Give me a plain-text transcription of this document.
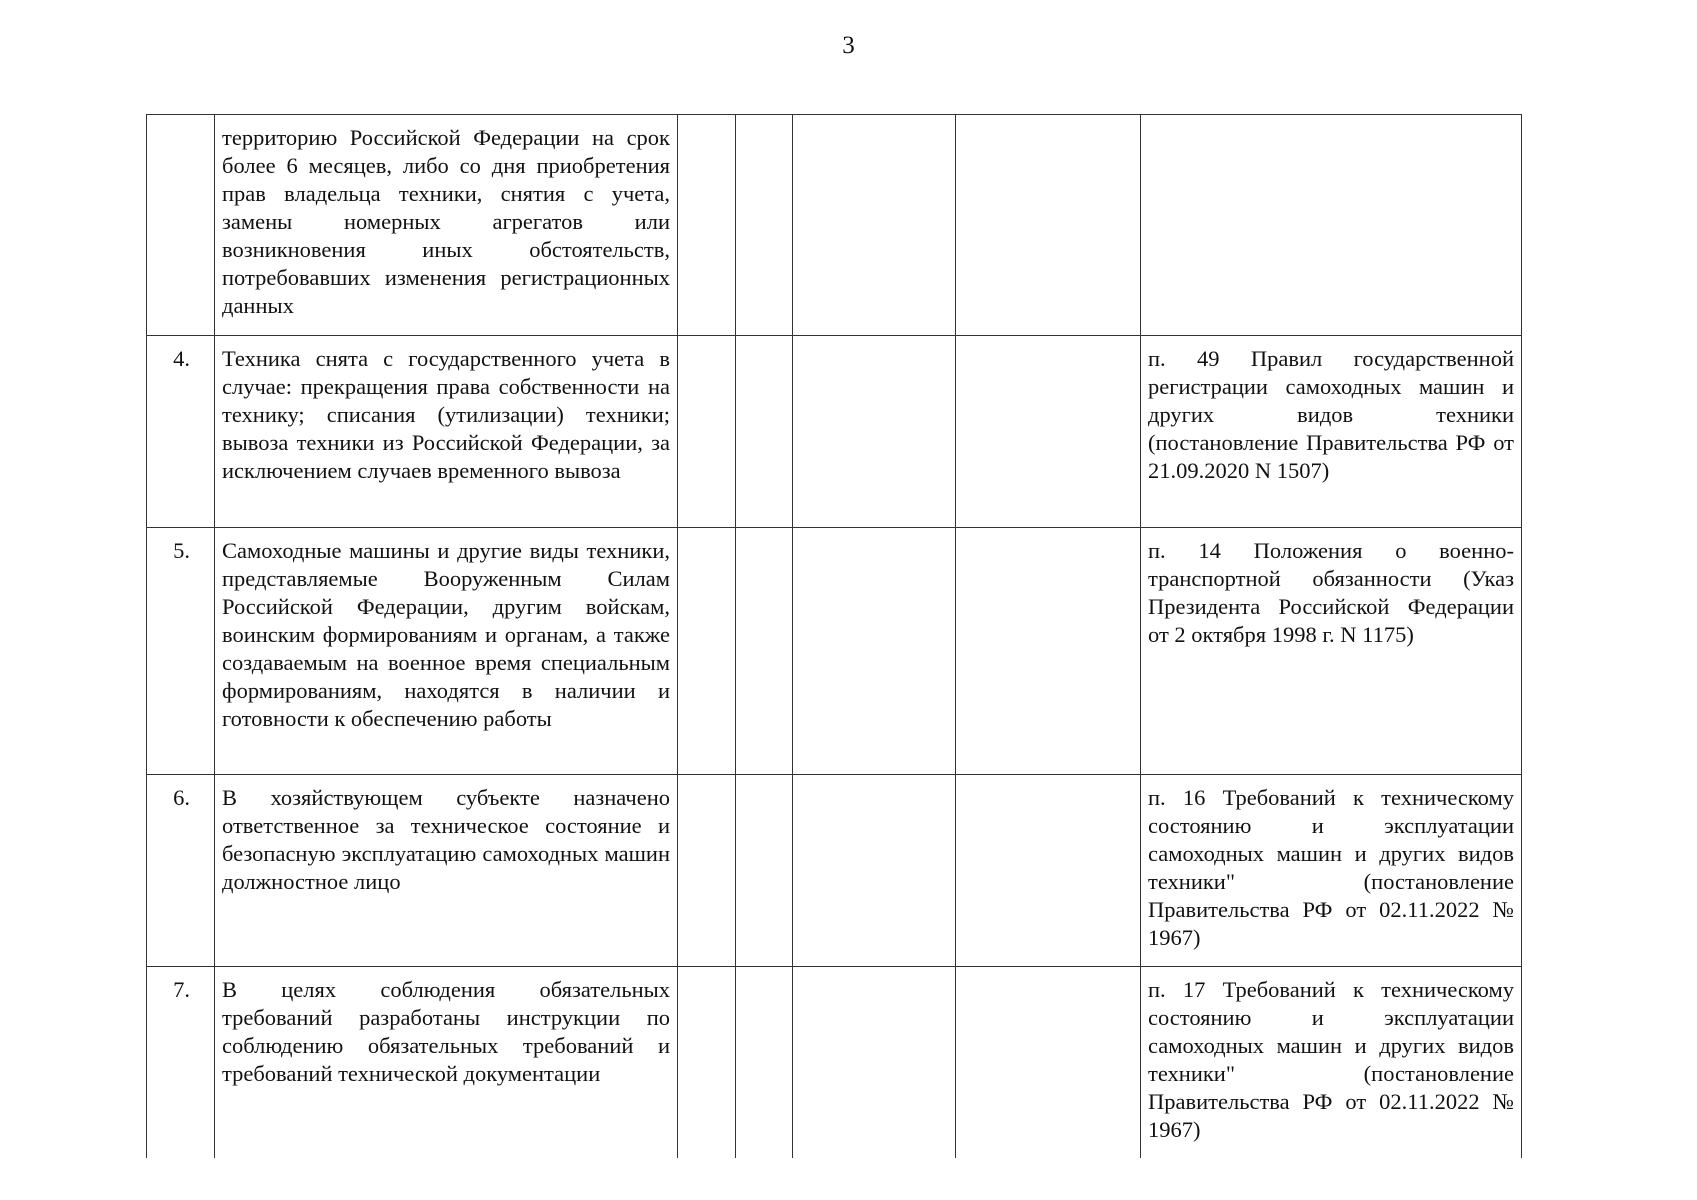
3
	территорию Российской Федерации на срок более 6 месяцев, либо со дня приобретения прав владельца техники, снятия с учета, замены номерных агрегатов или возникновения иных обстоятельств, потребовавших изменения регистрационных данных					
4.	Техника снята с государственного учета в случае: прекращения права собственности на технику; списания (утилизации) техники; вывоза техники из Российской Федерации, за исключением случаев временного вывоза					п. 49 Правил государственной регистрации самоходных машин и других видов техники (постановление Правительства РФ от 21.09.2020 N 1507)
5.	Самоходные машины и другие виды техники, представляемые Вооруженным Силам Российской Федерации, другим войскам, воинским формированиям и органам, а также создаваемым на военное время специальным формированиям, находятся в наличии и готовности к обеспечению работы					п. 14 Положения о военно-транспортной обязанности (Указ Президента Российской Федерации от 2 октября 1998 г. N 1175)
6.	В хозяйствующем субъекте назначено ответственное за техническое состояние и безопасную эксплуатацию самоходных машин должностное лицо					п. 16 Требований к техническому состоянию и эксплуатации самоходных машин и других видов техники" (постановление Правительства РФ от 02.11.2022 № 1967)
7.	В целях соблюдения обязательных требований разработаны инструкции по соблюдению обязательных требований и требований технической документации					п. 17 Требований к техническому состоянию и эксплуатации самоходных машин и других видов техники" (постановление Правительства РФ от 02.11.2022 № 1967)
